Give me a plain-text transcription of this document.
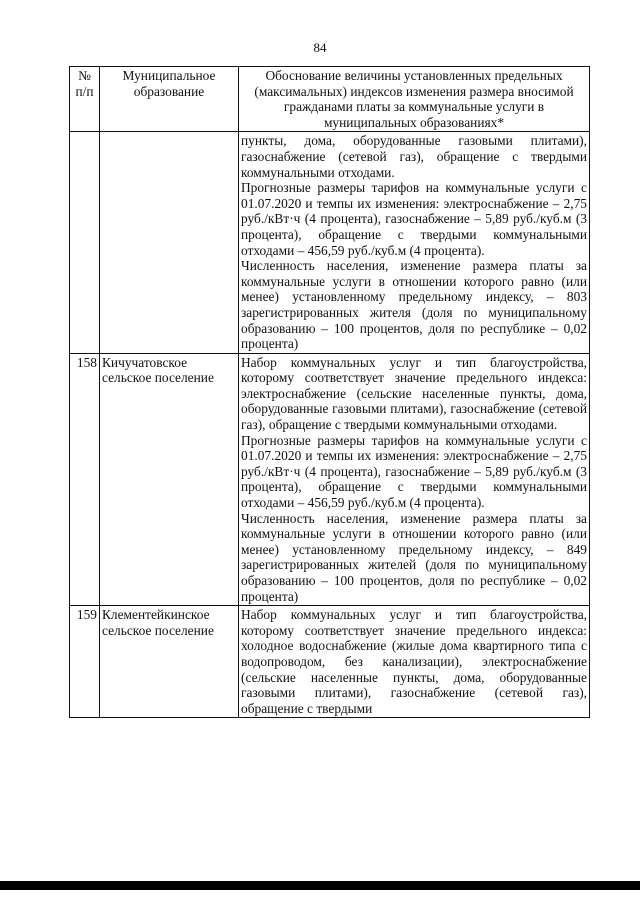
84
№ п/п	Муниципальное образование	Обоснование величины установленных предельных (максимальных) индексов изменения размера вносимой гражданами платы за коммунальные услуги в муниципальных образованиях*

		пункты, дома, оборудованные газовыми плитами), газоснабжение (сетевой газ), обращение с твердыми коммунальными отходами.

Прогнозные размеры тарифов на коммунальные услуги с 01.07.2020 и темпы их изменения: электроснабжение – 2,75 руб./кВт·ч (4 процента), газоснабжение – 5,89 руб./куб.м (3 процента), обращение с твердыми коммунальными отходами – 456,59 руб./куб.м (4 процента).

Численность населения, изменение размера платы за коммунальные услуги в отношении которого равно (или менее) установленному предельному индексу, – 803 зарегистрированных жителя (доля по муниципальному образованию – 100 процентов, доля по республике – 0,02 процента)

158	Кичучатовское сельское поселение	Набор коммунальных услуг и тип благоустройства, которому соответствует значение предельного индекса: электроснабжение (сельские населенные пункты, дома, оборудованные газовыми плитами), газоснабжение (сетевой газ), обращение с твердыми коммунальными отходами.

Прогнозные размеры тарифов на коммунальные услуги с 01.07.2020 и темпы их изменения: электроснабжение – 2,75 руб./кВт·ч (4 процента), газоснабжение – 5,89 руб./куб.м (3 процента), обращение с твердыми коммунальными отходами – 456,59 руб./куб.м (4 процента).

Численность населения, изменение размера платы за коммунальные услуги в отношении которого равно (или менее) установленному предельному индексу, – 849 зарегистрированных жителей (доля по муниципальному образованию – 100 процентов, доля по республике – 0,02 процента)

159	Клементейкинское сельское поселение	Набор коммунальных услуг и тип благоустройства, которому соответствует значение предельного индекса: холодное водоснабжение (жилые дома квартирного типа с водопроводом, без канализации), электроснабжение (сельские населенные пункты, дома, оборудованные газовыми плитами), газоснабжение (сетевой газ), обращение с твердыми
